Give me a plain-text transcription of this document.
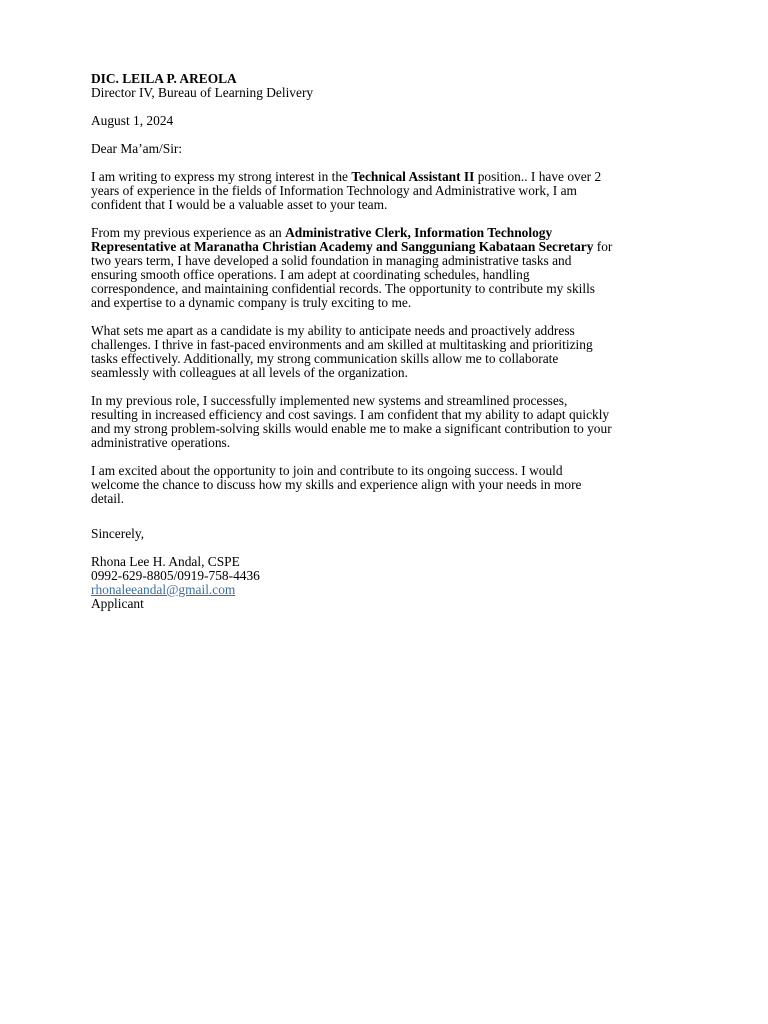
DIC. LEILA P. AREOLA
Director IV, Bureau of Learning Delivery
August 1, 2024
Dear Ma’am/Sir:
I am writing to express my strong interest in the Technical Assistant II position.. I have over 2
years of experience in the fields of Information Technology and Administrative work, I am
confident that I would be a valuable asset to your team.
From my previous experience as an Administrative Clerk, Information Technology
Representative at Maranatha Christian Academy and Sangguniang Kabataan Secretary for
two years term, I have developed a solid foundation in managing administrative tasks and
ensuring smooth office operations. I am adept at coordinating schedules, handling
correspondence, and maintaining confidential records. The opportunity to contribute my skills
and expertise to a dynamic company is truly exciting to me.
What sets me apart as a candidate is my ability to anticipate needs and proactively address
challenges. I thrive in fast-paced environments and am skilled at multitasking and prioritizing
tasks effectively. Additionally, my strong communication skills allow me to collaborate
seamlessly with colleagues at all levels of the organization.
In my previous role, I successfully implemented new systems and streamlined processes,
resulting in increased efficiency and cost savings. I am confident that my ability to adapt quickly
and my strong problem-solving skills would enable me to make a significant contribution to your
administrative operations.
I am excited about the opportunity to join and contribute to its ongoing success. I would
welcome the chance to discuss how my skills and experience align with your needs in more
detail.
Sincerely,
Rhona Lee H. Andal, CSPE
0992-629-8805/0919-758-4436
rhonaleeandal@gmail.com
Applicant
